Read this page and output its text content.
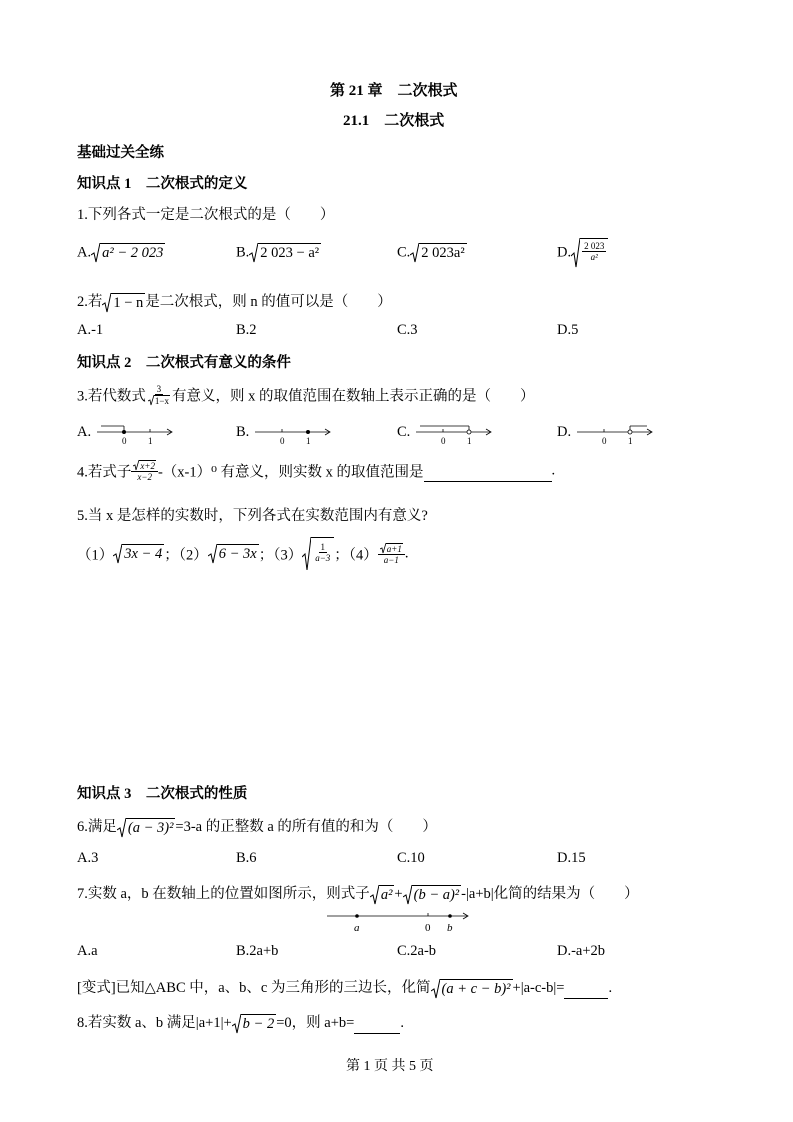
第 21 章　二次根式
21.1　二次根式
基础过关全练
知识点 1　二次根式的定义
1.下列各式一定是二次根式的是（　　）
A. a² − 2 023	B. 2 023 − a²	C. 2 023a²	D. $\frac{2 023}{\text{a²}}$
2.若 1 − n 是二次根式，则 n 的值可以是（　　）
A.-1	B.2	C.3	D.5
知识点 2　二次根式有意义的条件
3.若代数式 $\frac{3}{1-x}$ 有意义，则 x 的取值范围在数轴上表示正确的是（　　）
A.
0 1
B.
0 1
C.
0 1
D.
0 1
4.若式子 $\frac{x+2}{x-2} -(x-1)^0$ 有意义，则实数 x 的取值范围是	.
5.当 x 是怎样的实数时，下列各式在实数范围内有意义?
（1） 3x − 4 ；（2） 6 − 3x ；$(3) \frac{1}{a-3}$ ；$(4) \frac{a+1}{a-1}$ .
知识点 3　二次根式的性质
6.满足 (a − 3)² =3-a 的正整数 a 的所有值的和为（　　）
A.3	B.6	C.10	D.15
7.实数 a，b 在数轴上的位置如图所示，则式子 a² + (b − a)² -|a+b|化简的结果为（　　）
a	0 b
A.a	B.2a+b	C.2a-b	D.-a+2b
[变式]已知△ABC 中，a、b、c 为三角形的三边长，化简 (a + c − b)² +|a-c-b|=	.
8.若实数 a、b 满足|a+1|+ b − 2 =0，则 a+b=	.
第 1 页 共 5 页
